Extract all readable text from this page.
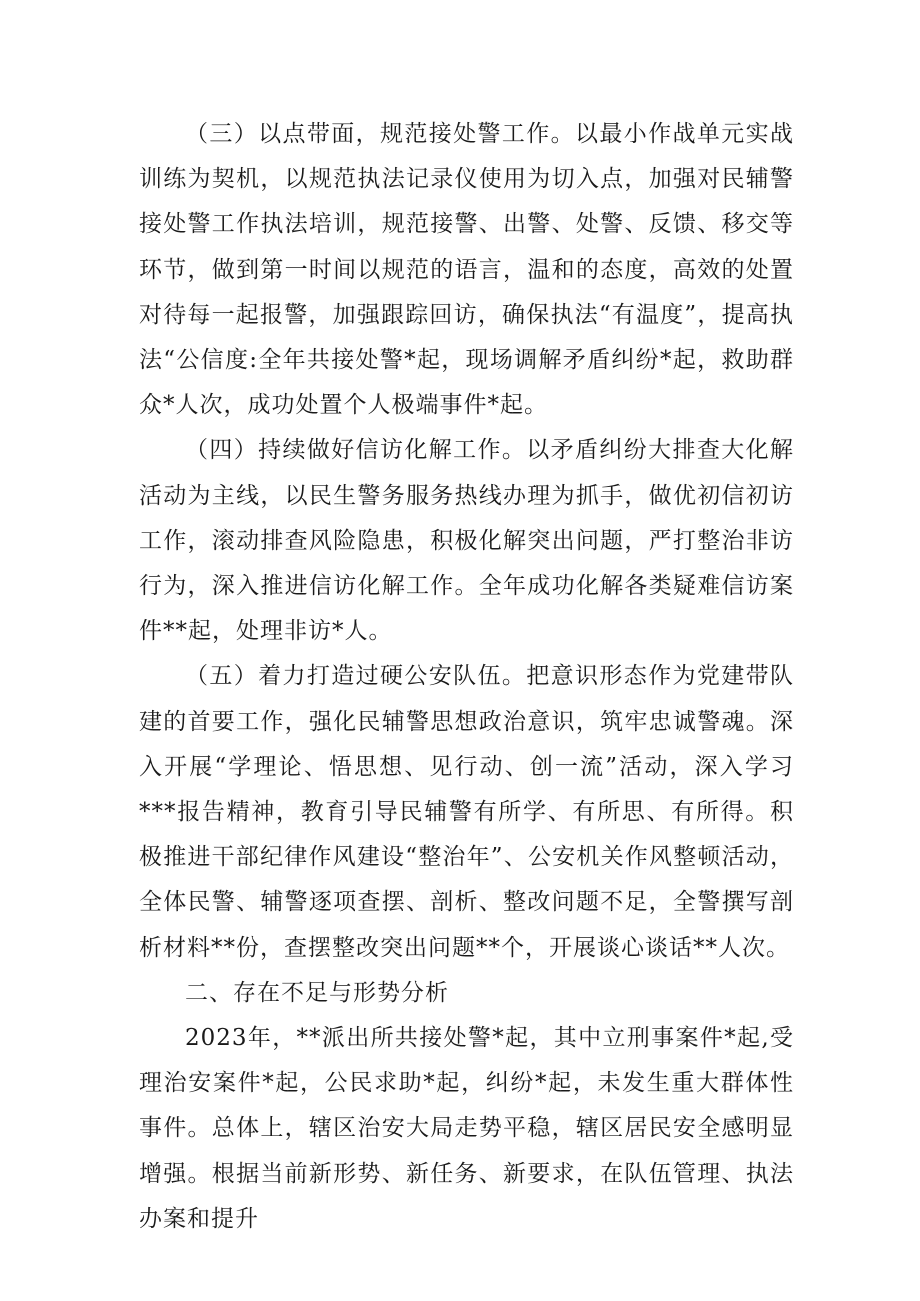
（三）以点带面，规范接处警工作。以最小作战单元实战训练为契机，以规范执法记录仪使用为切入点，加强对民辅警接处警工作执法培训，规范接警、出警、处警、反馈、移交等环节，做到第一时间以规范的语言，温和的态度，高效的处置对待每一起报警，加强跟踪回访，确保执法“有温度”，提高执法“公信度:全年共接处警*起，现场调解矛盾纠纷*起，救助群众*人次，成功处置个人极端事件*起。

（四）持续做好信访化解工作。以矛盾纠纷大排查大化解活动为主线，以民生警务服务热线办理为抓手，做优初信初访工作，滚动排查风险隐患，积极化解突出问题，严打整治非访行为，深入推进信访化解工作。全年成功化解各类疑难信访案件**起，处理非访*人。

（五）着力打造过硬公安队伍。把意识形态作为党建带队建的首要工作，强化民辅警思想政治意识，筑牢忠诚警魂。深入开展“学理论、悟思想、见行动、创一流”活动，深入学习***报告精神，教育引导民辅警有所学、有所思、有所得。积极推进干部纪律作风建设“整治年”、公安机关作风整顿活动，全体民警、辅警逐项查摆、剖析、整改问题不足，全警撰写剖析材料**份，查摆整改突出问题**个，开展谈心谈话**人次。

二、存在不足与形势分析

2023年，**派出所共接处警*起，其中立刑事案件*起,受理治安案件*起，公民求助*起，纠纷*起，未发生重大群体性事件。总体上，辖区治安大局走势平稳，辖区居民安全感明显增强。根据当前新形势、新任务、新要求，在队伍管理、执法办案和提升
